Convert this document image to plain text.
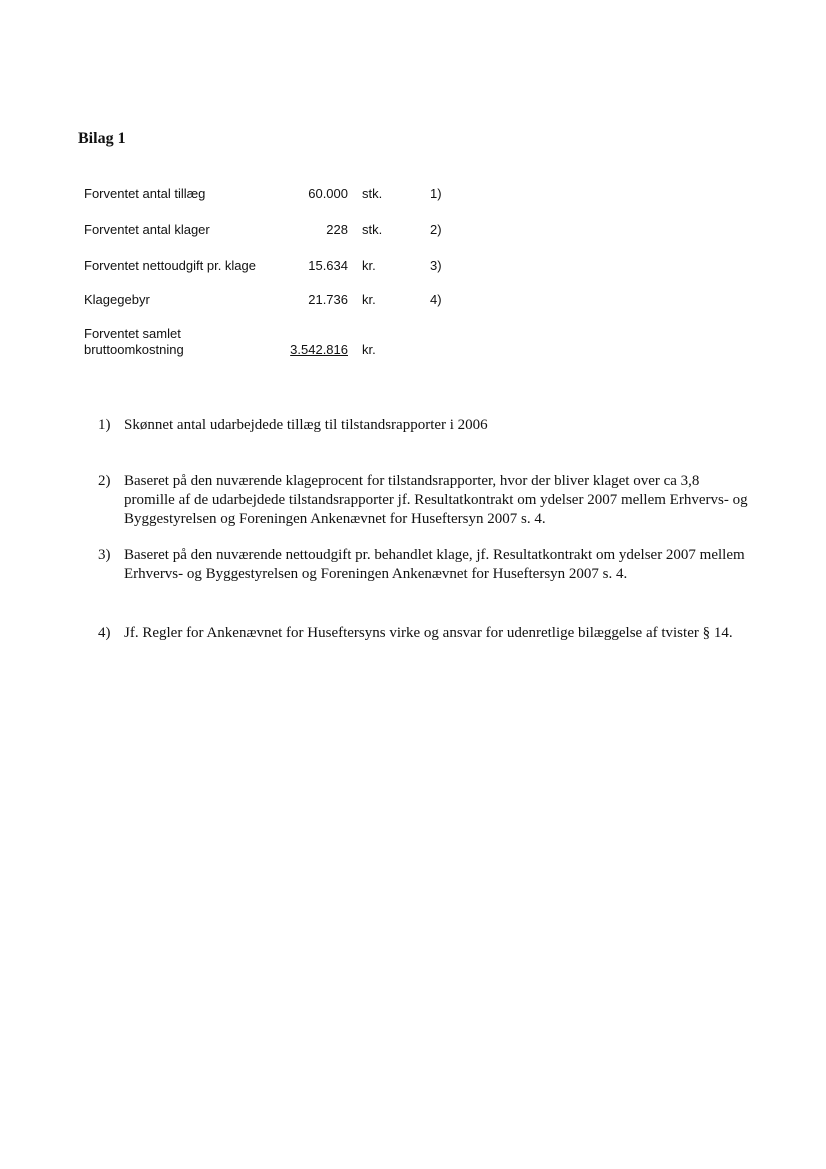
Bilag 1
Forventet antal tillæg	60.000 stk.	1)
Forventet antal klager	228 stk.	2)
Forventet nettoudgift pr. klage	15.634 kr.	3)
Klagegebyr	21.736 kr.	4)
Forventet samlet bruttoomkostning	3.542.816 kr.
1) Skønnet antal udarbejdede tillæg til tilstandsrapporter i 2006
2) Baseret på den nuværende klageprocent for tilstandsrapporter, hvor der bliver klaget over ca 3,8 promille af de udarbejdede tilstandsrapporter jf. Resultatkontrakt om ydelser 2007 mellem Erhvervs- og Byggestyrelsen og Foreningen Ankenævnet for Huseftersyn 2007 s. 4.
3) Baseret på den nuværende nettoudgift pr. behandlet klage, jf. Resultatkontrakt om ydelser 2007 mellem Erhvervs- og Byggestyrelsen og Foreningen Ankenævnet for Huseftersyn 2007 s. 4.
4) Jf. Regler for Ankenævnet for Huseftersyns virke og ansvar for udenretlige bilæggelse af tvister § 14.
